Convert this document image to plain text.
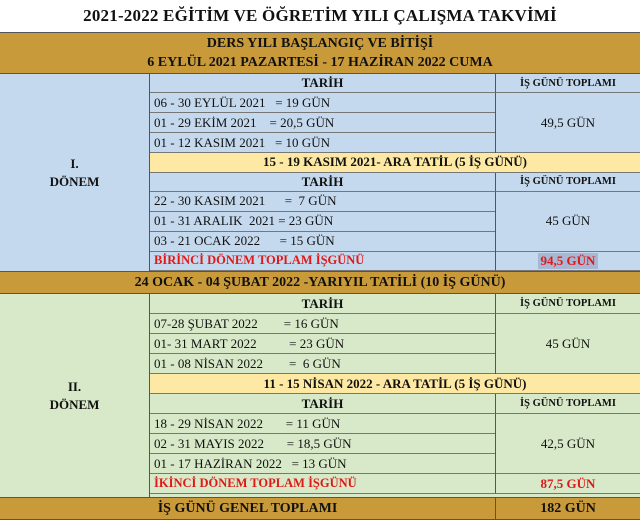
2021-2022 EĞİTİM VE ÖĞRETİM YILI ÇALIŞMA TAKVİMİ
DERS YILI BAŞLANGIÇ VE BİTİŞİ
6 EYLÜL 2021 PAZARTESİ - 17 HAZİRAN 2022 CUMA
I.
DÖNEM
TARİH	İŞ GÜNÜ TOPLAMI
06 - 30 EYLÜL 2021   = 19 GÜN
01 - 29 EKİM 2021    = 20,5 GÜN
01 - 12 KASIM 2021   = 10 GÜN
49,5 GÜN
15 - 19 KASIM 2021- ARA TATİL (5 İŞ GÜNÜ)
TARİH	İŞ GÜNÜ TOPLAMI
22 - 30 KASIM 2021      =  7 GÜN
01 - 31 ARALIK  2021 = 23 GÜN
03 - 21 OCAK 2022      = 15 GÜN
45 GÜN
BİRİNCİ DÖNEM TOPLAM İŞGÜNÜ	94,5 GÜN
24 OCAK - 04 ŞUBAT 2022 -YARIYIL TATİLİ (10 İŞ GÜNÜ)
II.
DÖNEM
TARİH	İŞ GÜNÜ TOPLAMI
07-28 ŞUBAT 2022        = 16 GÜN
01- 31 MART 2022          = 23 GÜN
01 - 08 NİSAN 2022        =  6 GÜN
45 GÜN
11 - 15 NİSAN 2022 - ARA TATİL (5 İŞ GÜNÜ)
TARİH	İŞ GÜNÜ TOPLAMI
18 - 29 NİSAN 2022       = 11 GÜN
02 - 31 MAYIS 2022       = 18,5 GÜN
01 - 17 HAZİRAN 2022   = 13 GÜN
42,5 GÜN
İKİNCİ DÖNEM TOPLAM İŞGÜNÜ	87,5 GÜN
İŞ GÜNÜ GENEL TOPLAMI	182 GÜN
